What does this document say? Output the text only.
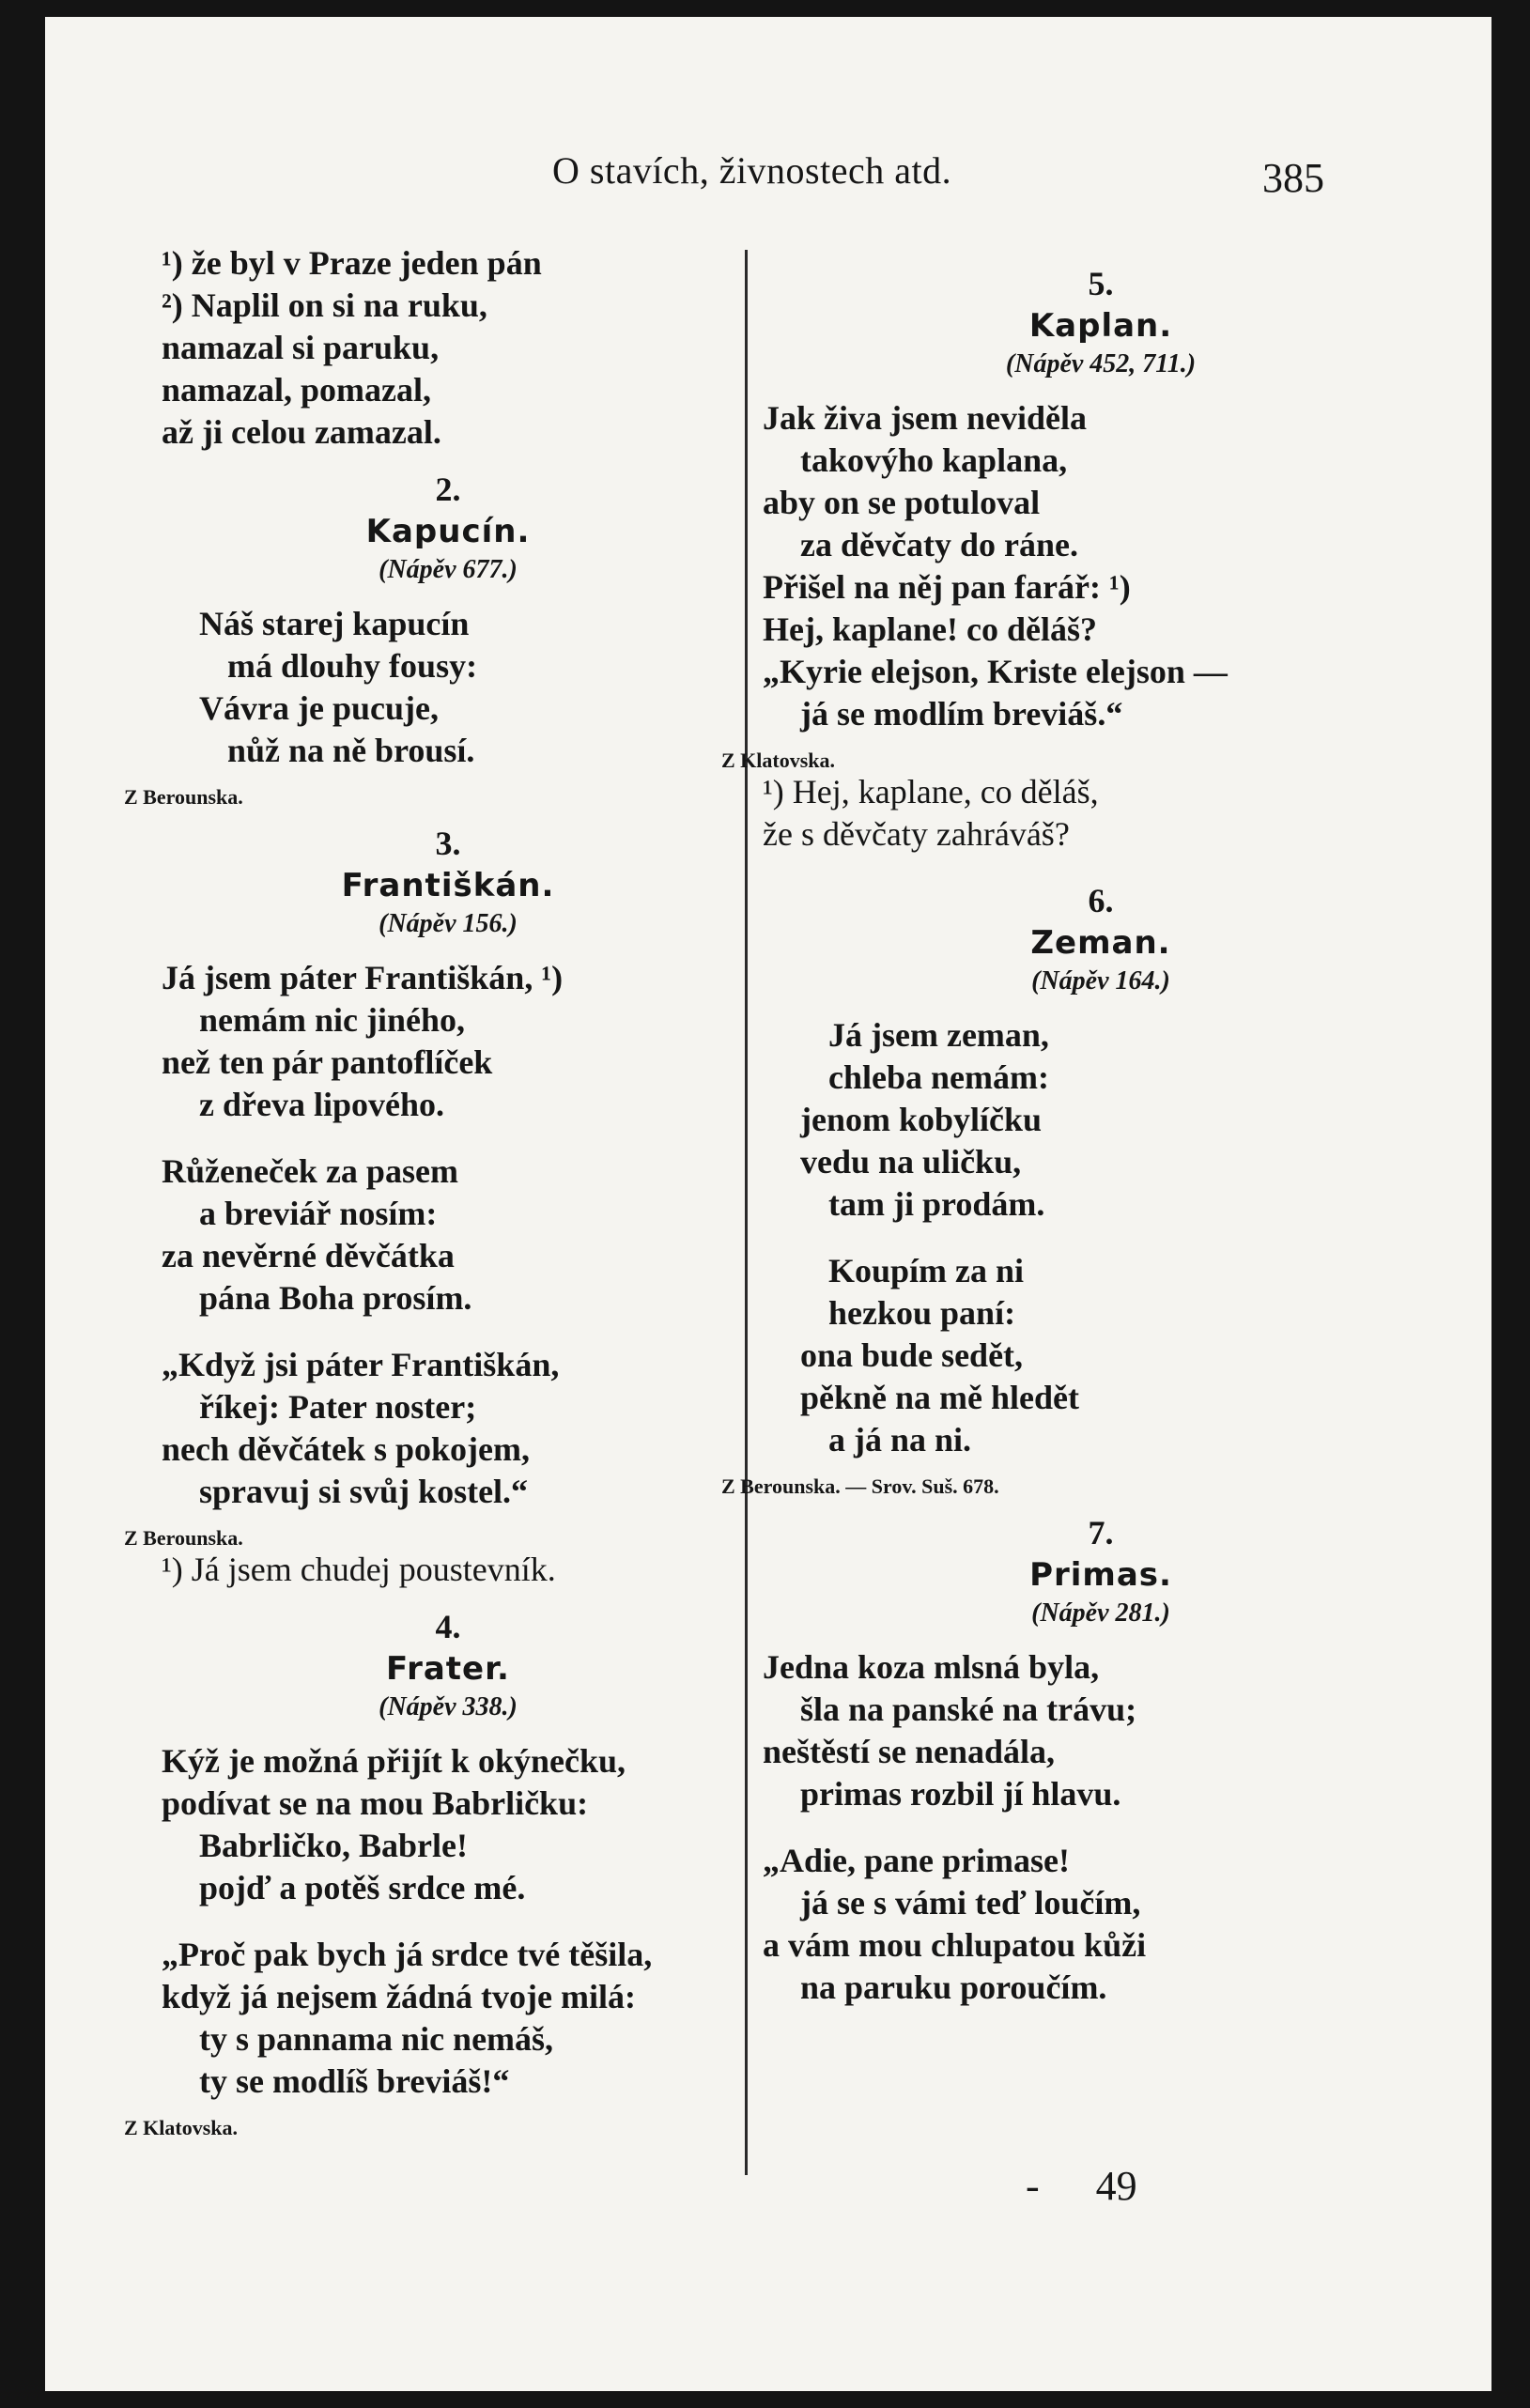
O stavích, živnostech atd.	385
¹) že byl v Praze jeden pán
²) Naplil on si na ruku,
namazal si paruku,
namazal, pomazal,
až ji celou zamazal.
2.
Kapucín.
(Nápěv 677.)
Náš starej kapucín
má dlouhy fousy:
Vávra je pucuje,
nůž na ně brousí.
Z Berounska.
3.
Františkán.
(Nápěv 156.)
Já jsem páter Františkán, ¹)
nemám nic jiného,
než ten pár pantoflíček
z dřeva lipového.
Růženeček za pasem
a breviář nosím:
za nevěrné děvčátka
pána Boha prosím.
„Když jsi páter Františkán,
říkej: Pater noster;
nech děvčátek s pokojem,
spravuj si svůj kostel.“
Z Berounska.
¹) Já jsem chudej poustevník.
4.
Frater.
(Nápěv 338.)
Kýž je možná přijít k okýnečku,
podívat se na mou Babrličku:
Babrličko, Babrle!
pojď a potěš srdce mé.
„Proč pak bych já srdce tvé těšila,
když já nejsem žádná tvoje milá:
ty s pannama nic nemáš,
ty se modlíš breviáš!“
Z Klatovska.
5.
Kaplan.
(Nápěv 452, 711.)
Jak živa jsem neviděla
takovýho kaplana,
aby on se potuloval
za děvčaty do ráne.
Přišel na něj pan farář: ¹)
Hej, kaplane! co děláš?
„Kyrie elejson, Kriste elejson —
já se modlím breviáš.“
Z Klatovska.
¹) Hej, kaplane, co děláš,
že s děvčaty zahráváš?
6.
Zeman.
(Nápěv 164.)
Já jsem zeman,
chleba nemám:
jenom kobylíčku
vedu na uličku,
tam ji prodám.
Koupím za ni
hezkou paní:
ona bude sedět,
pěkně na mě hledět
a já na ni.
Z Berounska. — Srov. Suš. 678.
7.
Primas.
(Nápěv 281.)
Jedna koza mlsná byla,
šla na panské na trávu;
neštěstí se nenadála,
primas rozbil jí hlavu.
„Adie, pane primase!
já se s vámi teď loučím,
a vám mou chlupatou kůži
na paruku poroučím.
- 49
